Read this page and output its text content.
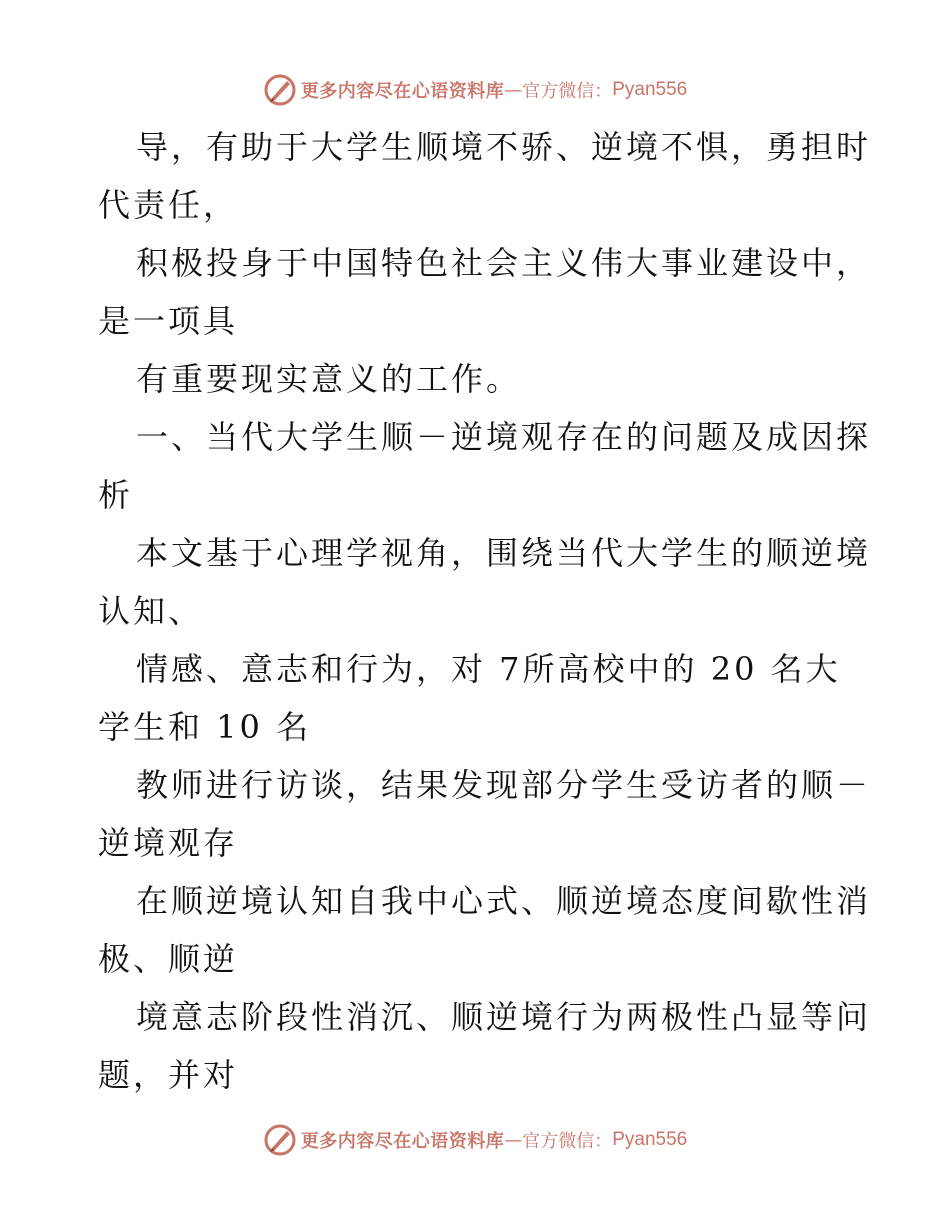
更多内容尽在心语资料库 — 官方微信： Pyan556
导，有助于大学生顺境不骄、逆境不惧，勇担时
代责任，
积极投身于中国特色社会主义伟大事业建设中，
是一项具
有重要现实意义的工作。
一、当代大学生顺－逆境观存在的问题及成因探
析
本文基于心理学视角，围绕当代大学生的顺逆境
认知、
情感、意志和行为，对 7所高校中的 20 名大
学生和 10 名
教师进行访谈，结果发现部分学生受访者的顺－
逆境观存
在顺逆境认知自我中心式、顺逆境态度间歇性消
极、顺逆
境意志阶段性消沉、顺逆境行为两极性凸显等问
题，并对
更多内容尽在心语资料库 — 官方微信： Pyan556
